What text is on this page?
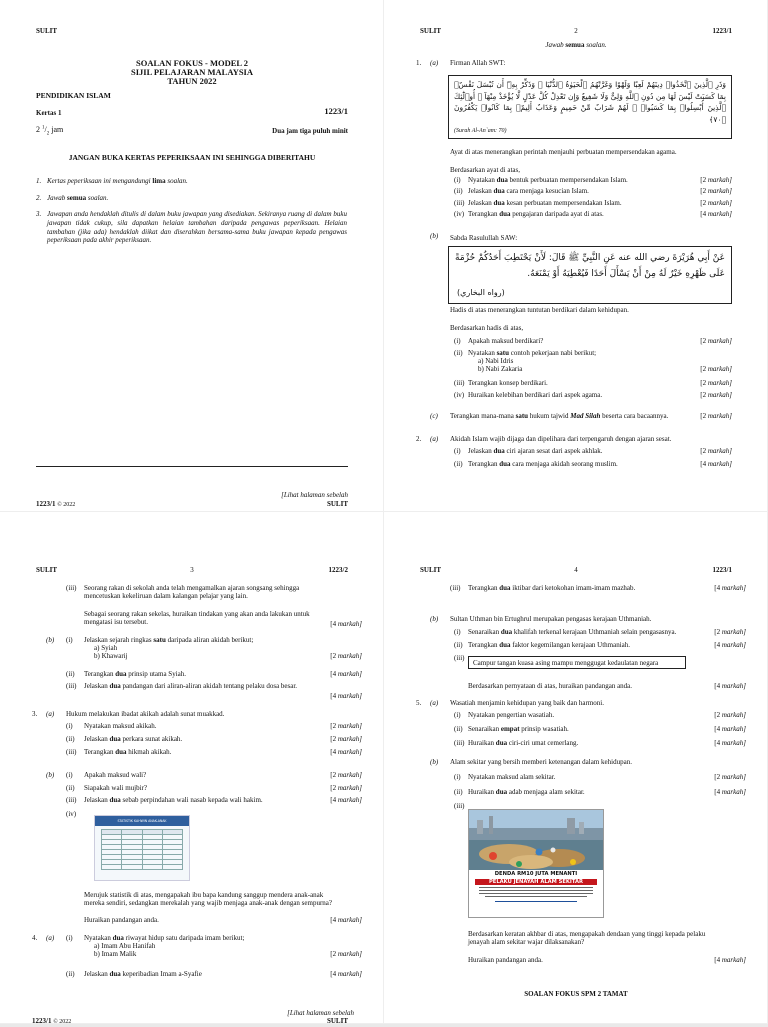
SULIT
SOALAN FOKUS - MODEL 2
SIJIL PELAJARAN MALAYSIA
TAHUN 2022
PENDIDIKAN ISLAM
Kertas 1	1223/1
2 $^1/_2$ jam	Dua jam tiga puluh minit
JANGAN BUKA KERTAS PEPERIKSAAN INI SEHINGGA DIBERITAHU
1. Kertas peperiksaan ini mengandungi lima soalan.
2. Jawab semua soalan.
3. Jawapan anda hendaklah ditulis di dalam buku jawapan yang disediakan. Sekiranya ruang di dalam buku jawapan tidak cukup, sila dapatkan helaian tambahan daripada pengawas peperiksaan. Helaian tambahan (jika ada) hendaklah diikat dan diserahkan bersama-sama buku jawapan kepada pengawas peperiksaan pada akhir peperiksaan.
[Lihat halaman sebelah
1223/1 © 2022	SULIT
SULIT	2	1223/1
Jawab semua soalan.
1. (a) Firman Allah SWT:
وَذَرِ ٱلَّذِينَ ٱتَّخَذُوا۟ دِينَهُمْ لَعِبًا وَلَهْوًا وَغَرَّتْهُمُ ٱلْحَيَوٰةُ ٱلدُّنْيَا ۚ وَذَكِّرْ بِهِۦٓ أَن تُبْسَلَ نَفْسٌۢ بِمَا كَسَبَتْ لَيْسَ لَهَا مِن دُونِ ٱللَّهِ وَلِىٌّ وَلَا شَفِيعٌ وَإِن تَعْدِلْ كُلَّ عَدْلٍ لَّا يُؤْخَذْ مِنْهَآ ۗ أُو۟لَٰٓئِكَ ٱلَّذِينَ أُبْسِلُوا۟ بِمَا كَسَبُوا۟ ۖ لَهُمْ شَرَابٌ مِّنْ حَمِيمٍ وَعَذَابٌ أَلِيمٌۢ بِمَا كَانُوا۟ يَكْفُرُونَ ﴿٧٠﴾
(Surah Al-An`am: 70)
Ayat di atas menerangkan perintah menjauhi perbuatan mempersendakan agama.
Berdasarkan ayat di atas,
(i) Nyatakan dua bentuk perbuatan mempersendakan Islam.	[2 markah]
(ii) Jelaskan dua cara menjaga kesucian Islam.	[2 markah]
(iii) Jelaskan dua kesan perbuatan mempersendakan Islam.	[2 markah]
(iv) Terangkan dua pengajaran daripada ayat di atas.	[4 markah]
(b) Sabda Rasulullah SAW:
عَنْ أَبِي هُرَيْرَةَ رضي الله عنه عَنِ النَّبِيِّ ﷺ قَالَ: لَأَنْ يَحْتَطِبَ أَحَدُكُمْ حُزْمَةً عَلَى ظَهْرِهِ خَيْرٌ لَهُ مِنْ أَنْ يَسْأَلَ أَحَدًا فَيُعْطِيَهُ أَوْ يَمْنَعَهُ.
(رواه البخاري)
Hadis di atas menerangkan tuntutan berdikari dalam kehidupan.
Berdasarkan hadis di atas,
(i) Apakah maksud berdikari?	[2 markah]
(ii) Nyatakan satu contoh pekerjaan nabi berikut;
a) Nabi Idris
b) Nabi Zakaria	[2 markah]
(iii) Terangkan konsep berdikari.	[2 markah]
(iv) Huraikan kelebihan berdikari dari aspek agama.	[2 markah]
(c) Terangkan mana-mana satu hukum tajwid Mad Silah beserta cara bacaannya.	[2 markah]
2. (a) Akidah Islam wajib dijaga dan dipelihara dari terpengaruh dengan ajaran sesat.
(i) Jelaskan dua ciri ajaran sesat dari aspek akhlak.	[2 markah]
(ii) Terangkan dua cara menjaga akidah seorang muslim.	[4 markah]
SULIT	3	1223/2
(iii) Seorang rakan di sekolah anda telah mengamalkan ajaran songsang sehingga
mencetuskan kekeliruan dalam kalangan pelajar yang lain.
Sebagai seorang rakan sekelas, huraikan tindakan yang akan anda lakukan untuk
mengatasi isu tersebut.	[4 markah]
(b) (i) Jelaskan sejarah ringkas satu daripada aliran akidah berikut;
a) Syiah
b) Khawarij	[2 markah]
(ii) Terangkan dua prinsip utama Syiah.	[4 markah]
(iii) Jelaskan dua pandangan dari aliran-aliran akidah tentang pelaku dosa besar.
[4 markah]
3. (a) Hukum melakukan ibadat akikah adalah sunat muakkad.
(i) Nyatakan maksud akikah.	[2 markah]
(ii) Jelaskan dua perkara sunat akikah.	[2 markah]
(iii) Terangkan dua hikmah akikah.	[4 markah]
(b) (i) Apakah maksud wali?	[2 markah]
(ii) Siapakah wali mujbir?	[2 markah]
(iii) Jelaskan dua sebab perpindahan wali nasab kepada wali hakim.	[4 markah]
(iv)
STATISTIK KAHWIN ANAK-ANAK

Merujuk statistik di atas, mengapakah ibu bapa kandung sanggup mendera anak-anak
mereka sendiri, sedangkan merekalah yang wajib menjaga anak-anak dengan sempurna?
Huraikan pandangan anda.	[4 markah]
4. (a) (i) Nyatakan dua riwayat hidup satu daripada imam berikut;
a) Imam Abu Hanifah
b) Imam Malik	[2 markah]
(ii) Jelaskan dua keperibadian Imam a-Syafie	[4 markah]
[Lihat halaman sebelah
1223/1 © 2022	SULIT
SULIT	4	1223/1
(iii) Terangkan dua iktibar dari ketokohan imam-imam mazhab.	[4 markah]
(b) Sultan Uthman bin Ertughrul merupakan pengasas kerajaan Uthmaniah.
(i) Senaraikan dua khalifah terkenal kerajaan Uthmaniah selain pengasasnya.	[2 markah]
(ii) Terangkan dua faktor kegemilangan kerajaan Uthmaniah.	[4 markah]
(iii)
Campur tangan kuasa asing mampu menggugat kedaulatan negara
Berdasarkan pernyataan di atas, huraikan pandangan anda.	[4 markah]
5. (a) Wasatiah menjamin kehidupan yang baik dan harmoni.
(i) Nyatakan pengertian wasatiah.	[2 markah]
(ii) Senaraikan empat prinsip wasatiah.	[4 markah]
(iii) Huraikan dua ciri-ciri umat cemerlang.	[4 markah]
(b) Alam sekitar yang bersih memberi ketenangan dalam kehidupan.
(i) Nyatakan maksud alam sekitar.	[2 markah]
(ii) Huraikan dua adab menjaga alam sekitar.	[4 markah]
(iii)
DENDA RM10 JUTA MENANTI
PELAKU JENAYAH ALAM SEKITAR
Berdasarkan keratan akhbar di atas, mengapakah dendaan yang tinggi kepada pelaku
jenayah alam sekitar wajar dilaksanakan?
Huraikan pandangan anda.	[4 markah]
SOALAN FOKUS SPM 2 TAMAT
